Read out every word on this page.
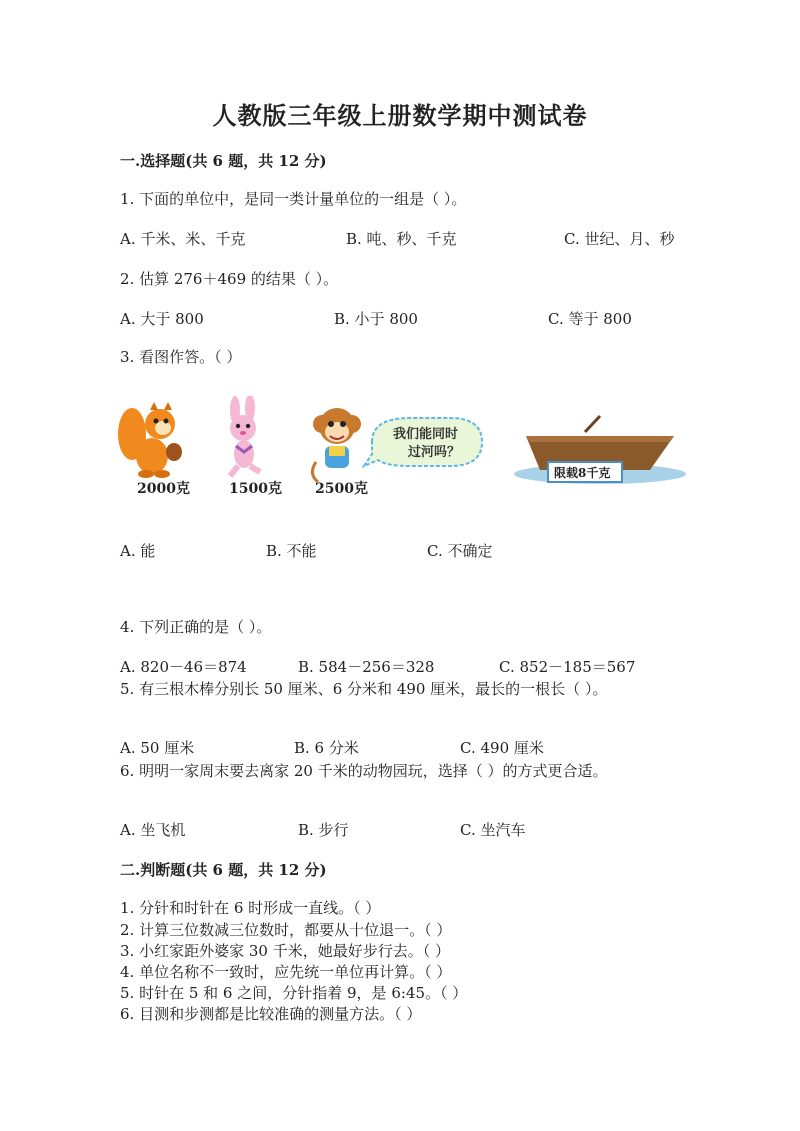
人教版三年级上册数学期中测试卷
一.选择题(共 6 题，共 12 分)
1. 下面的单位中，是同一类计量单位的一组是（ ）。
A. 千米、米、千克	B. 吨、秒、千克	C. 世纪、月、秒
2. 估算 276＋469 的结果（ ）。
A. 大于 800	B. 小于 800	C. 等于 800
3. 看图作答。（ ）
2000克	1500克 2500克
我们能同时
过河吗？
限载8千克
A. 能	B. 不能	C. 不确定
4. 下列正确的是（ ）。
A. 820－46＝874	B. 584－256＝328	C. 852－185＝567
5. 有三根木棒分别长 50 厘米、6 分米和 490 厘米，最长的一根长（ ）。
A. 50 厘米	B. 6 分米	C. 490 厘米
6. 明明一家周末要去离家 20 千米的动物园玩，选择（ ）的方式更合适。
A. 坐飞机	B. 步行	C. 坐汽车
二.判断题(共 6 题，共 12 分)
1. 分针和时针在 6 时形成一直线。（ ）
2. 计算三位数减三位数时，都要从十位退一。（ ）
3. 小红家距外婆家 30 千米，她最好步行去。（ ）
4. 单位名称不一致时，应先统一单位再计算。（ ）
5. 时针在 5 和 6 之间，分针指着 9，是 6:45。（ ）
6. 目测和步测都是比较准确的测量方法。（ ）
